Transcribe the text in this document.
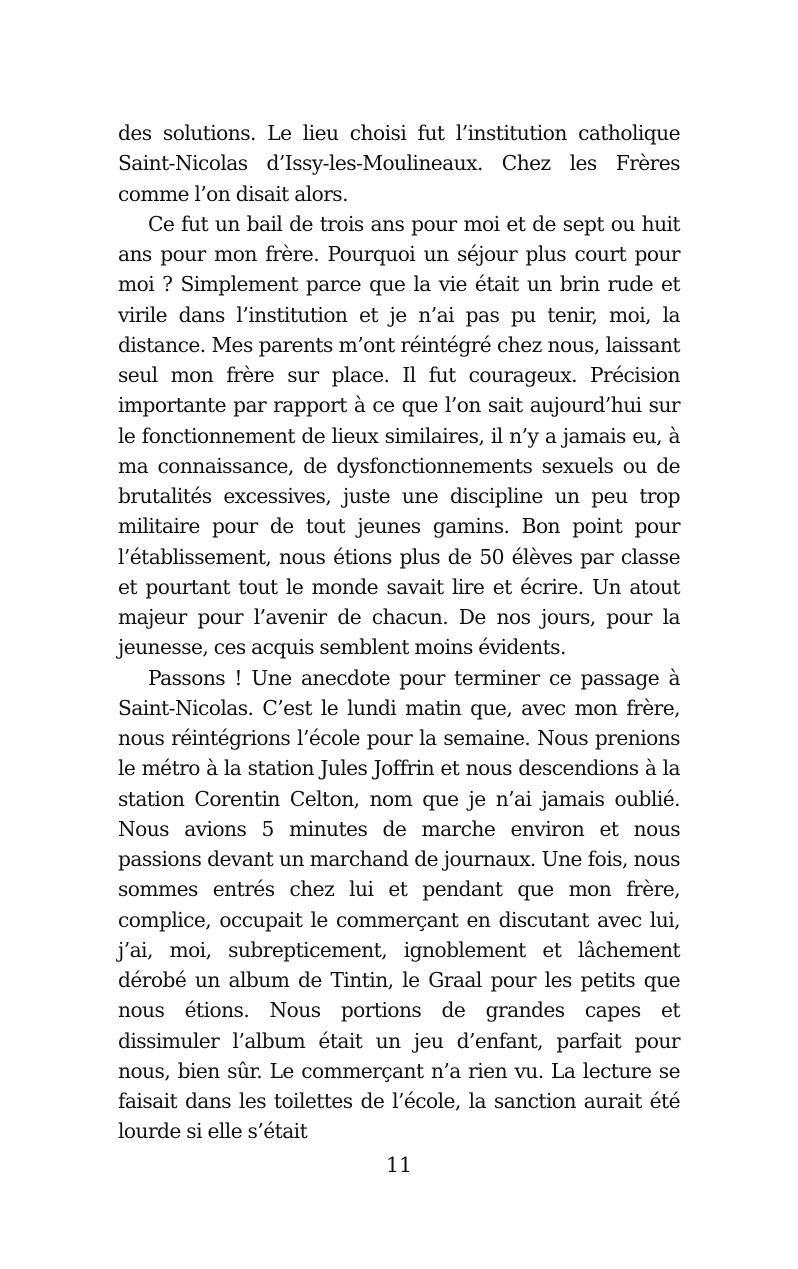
des solutions. Le lieu choisi fut l’institution catholique Saint-Nicolas d’Issy-les-Moulineaux. Chez les Frères comme l’on disait alors.

Ce fut un bail de trois ans pour moi et de sept ou huit ans pour mon frère. Pourquoi un séjour plus court pour moi ? Simplement parce que la vie était un brin rude et virile dans l’institution et je n’ai pas pu tenir, moi, la distance. Mes parents m’ont réintégré chez nous, laissant seul mon frère sur place. Il fut courageux. Précision importante par rapport à ce que l’on sait aujourd’hui sur le fonctionnement de lieux similaires, il n’y a jamais eu, à ma connaissance, de dysfonctionnements sexuels ou de brutalités excessives, juste une discipline un peu trop militaire pour de tout jeunes gamins. Bon point pour l’établissement, nous étions plus de 50 élèves par classe et pourtant tout le monde savait lire et écrire. Un atout majeur pour l’avenir de chacun. De nos jours, pour la jeunesse, ces acquis semblent moins évidents.

Passons ! Une anecdote pour terminer ce passage à Saint-Nicolas. C’est le lundi matin que, avec mon frère, nous réintégrions l’école pour la semaine. Nous prenions le métro à la station Jules Joffrin et nous descendions à la station Corentin Celton, nom que je n’ai jamais oublié. Nous avions 5 minutes de marche environ et nous passions devant un marchand de journaux. Une fois, nous sommes entrés chez lui et pendant que mon frère, complice, occupait le commerçant en discutant avec lui, j’ai, moi, subrepticement, ignoblement et lâchement dérobé un album de Tintin, le Graal pour les petits que nous étions. Nous portions de grandes capes et dissimuler l’album était un jeu d’enfant, parfait pour nous, bien sûr. Le commerçant n’a rien vu. La lecture se faisait dans les toilettes de l’école, la sanction aurait été lourde si elle s’était

11
